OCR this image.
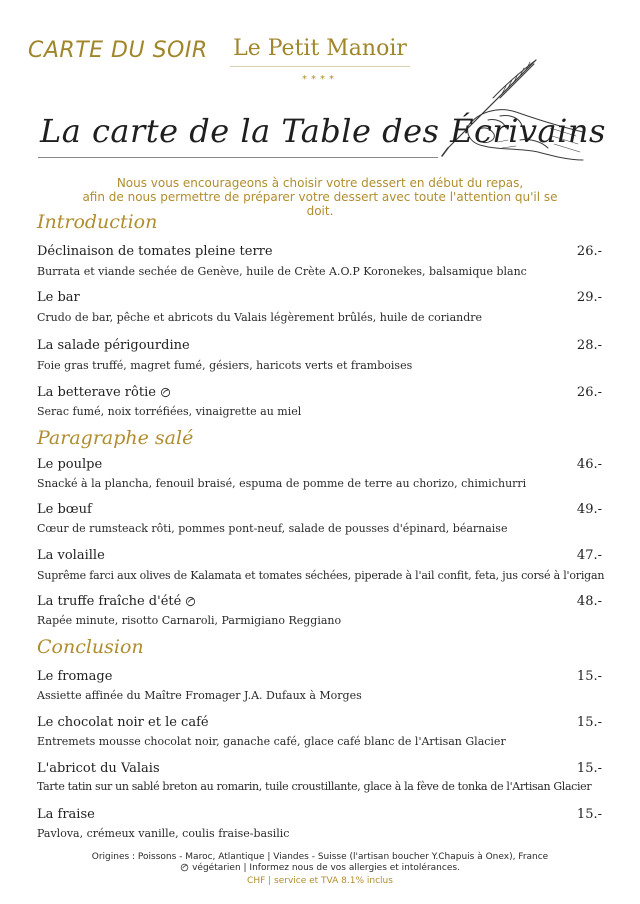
CARTE DU SOIR	Le Petit Manoir
****
La carte de la Table des Écrivains
Nous vous encourageons à choisir votre dessert en début du repas,
afin de nous permettre de préparer votre dessert avec toute l'attention qu'il se doit.
Introduction
Déclinaison de tomates pleine terre	26.-
Burrata et viande sechée de Genève, huile de Crète A.O.P Koronekes, balsamique blanc
Le bar	29.-
Crudo de bar, pêche et abricots du Valais légèrement brûlés, huile de coriandre
La salade périgourdine	28.-
Foie gras truffé, magret fumé, gésiers, haricots verts et framboises
La betterave rôtie	26.-
Serac fumé, noix torréfiées, vinaigrette au miel
Paragraphe salé
Le poulpe	46.-
Snacké à la plancha, fenouil braisé, espuma de pomme de terre au chorizo, chimichurri
Le bœuf	49.-
Cœur de rumsteack rôti, pommes pont-neuf, salade de pousses d'épinard, béarnaise
La volaille	47.-
Suprême farci aux olives de Kalamata et tomates séchées, piperade à l'ail confit, feta, jus corsé à l'origan
La truffe fraîche d'été	48.-
Rapée minute, risotto Carnaroli, Parmigiano Reggiano
Conclusion
Le fromage	15.-
Assiette affinée du Maître Fromager J.A. Dufaux à Morges
Le chocolat noir et le café	15.-
Entremets mousse chocolat noir, ganache café, glace café blanc de l'Artisan Glacier
L'abricot du Valais	15.-
Tarte tatin sur un sablé breton au romarin, tuile croustillante, glace à la fève de tonka de l'Artisan Glacier
La fraise	15.-
Pavlova, crémeux vanille, coulis fraise-basilic
Origines : Poissons - Maroc, Atlantique | Viandes - Suisse (l'artisan boucher Y.Chapuis à Onex), France
végétarien | Informez nous de vos allergies et intolérances.
CHF | service et TVA 8.1% inclus
